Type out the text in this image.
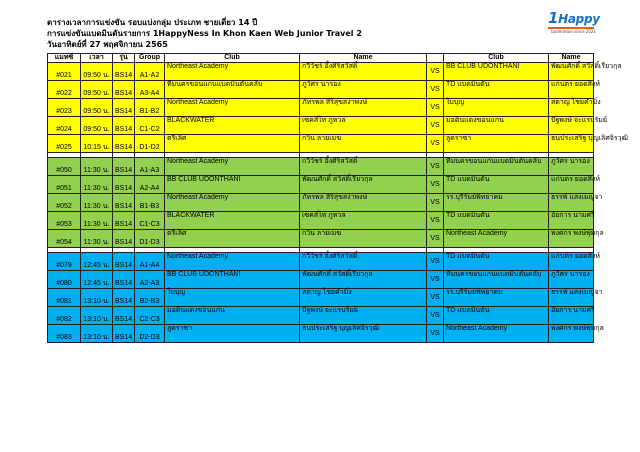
ตารางเวลาการแข่งขัน รอบแบ่งกลุ่ม ประเภท ชายเดี่ยว 14 ปี
การแข่งขันแบดมินตันรายการ 1HappyNess In Khon Kaen Web Junior Travel 2
วันอาทิตย์ที่ 27 พฤศจิกายน 2565
1Happy
badminton since 2021
แมทซ์	เวลา	รุ่น	Group	Club	Name		Club	Name
#021	09:50 น.	BS14	A1-A2	Northeast Academy	กวีวัชร์ อึ้งศิริสวัสดิ์	VS	BB CLUB UDONTHANI	พัฒนศักดิ์ สวัสดิ์เรียวกุล
#022	09:50 น.	BS14	A3-A4	ทีมนครขอนแก่นแบดมินตันคลับ	ภูวัศร นารอง	VS	TD แบดมินตัน	แก่นตร ยอดสิงห์
#023	09:50 น.	BS14	B1-B2	Northeast Academy	ภัทรพล สิริสุขสง่าพงษ์	VS	ใบบุญ	สตาญ ไชยคำมิ่ง
#024	09:50 น.	BS14	C1-C2	BLACKWATER	เซคส์ไท ภูหวล	VS	มอดินแดงขอนแก่น	ปัฐพงษ์ จะแรบรัมย์
#025	10:15 น.	BS14	D1-D2	ตรีเลิศ	กวิน ลายเมฆ	VS	ลูดราซา	ธนประเสริฐ บุญเลิศจิรวุฒิ

#050	11:30 น.	BS14	A1-A3	Northeast Academy	กวีวัชร์ อึ้งศิริสวัสดิ์	VS	ทีมนครขอนแก่นแบดมินตันคลับ	ภูวัศร นารอง
#051	11:30 น.	BS14	A2-A4	BB CLUB UDONTHANI	พัฒนศักดิ์ สวัสดิ์เรียวกุล	VS	TD แบดมินตัน	แก่นตร ยอดสิงห์
#052	11:30 น.	BS14	B1-B3	Northeast Academy	ภัทรพล สิริสุขสง่าพงษ์	VS	รร.บุรีรัมย์พิทยาคม	ธรรพ์ แสงเมญจา
#053	11:30 น.	BS14	C1-C3	BLACKWATER	เซคส์ไท ภูหวล	VS	TD แบดมินตัน	อัยการ นามศรี
#054	11:30 น.	BS14	D1-D3	ตรีเลิศ	กวิน ลายเมฆ	VS	Northeast Academy	พงศกร พงษ์พุ่มกุล

#079	12:45 น.	BS14	A1-A4	Northeast Academy	กวีวัชร์ อึ้งศิริสวัสดิ์	VS	TD แบดมินตัน	แก่นตร ยอดสิงห์
#080	12:45 น.	BS14	A2-A3	BB CLUB UDONTHANI	พัฒนศักดิ์ สวัสดิ์เรียวกุล	VS	ทีมนครขอนแก่นแบดมินตันคลับ	ภูวัศร นารอง
#081	13:10 น.	BS14	B2-B3	ใบบุญ	สตาญ ไชยคำมิ่ง	VS	รร.บุรีรัมย์พิทยาคม	ธรรพ์ แสงเมญจา
#082	13:10 น.	BS14	C2-C3	มอดินแดงขอนแก่น	ปัฐพงษ์ จะแรบรัมย์	VS	TD แบดมินตัน	อัยการ นามศรี
#083	13:10 น.	BS14	D2-D3	ลูดราซา	ธนประเสริฐ บุญเลิศจิรวุฒิ	VS	Northeast Academy	พงศกร พงษ์พุ่มกุล
